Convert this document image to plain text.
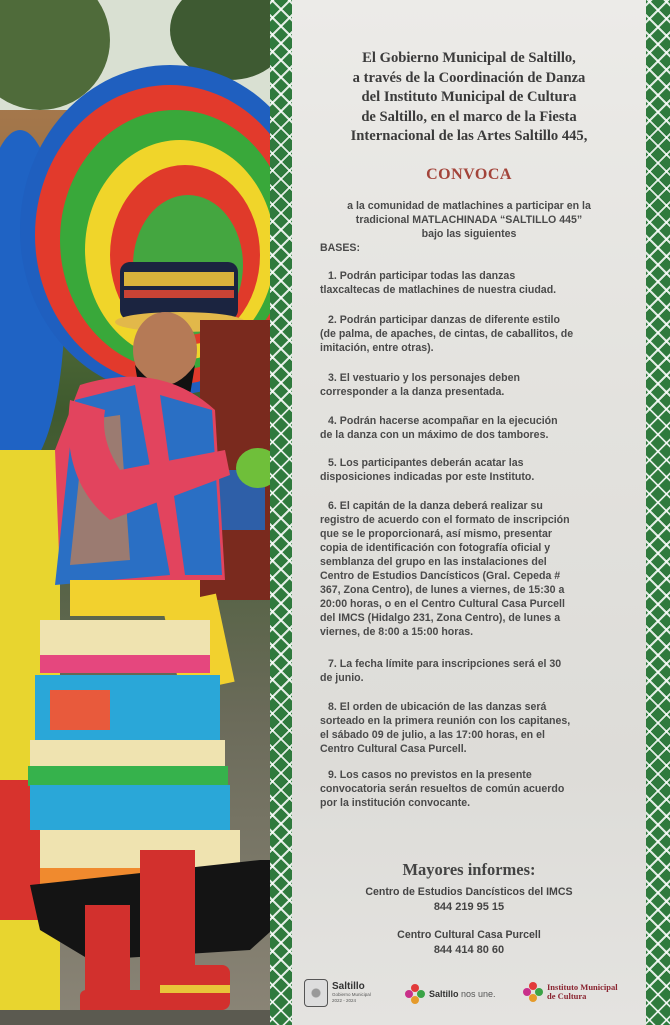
El Gobierno Municipal de Saltillo,
a través de la Coordinación de Danza
del Instituto Municipal de Cultura
de Saltillo, en el marco de la Fiesta
Internacional de las Artes Saltillo 445,
CONVOCA
a la comunidad de matlachines a participar en la
tradicional MATLACHINADA “SALTILLO 445”
bajo las siguientes
BASES:
1. Podrán participar todas las danzas
tlaxcaltecas de matlachines de nuestra ciudad.
2. Podrán participar danzas de diferente estilo
(de palma, de apaches, de cintas, de caballitos, de
imitación, entre otras).
3. El vestuario y los personajes deben
corresponder a la danza presentada.
4. Podrán hacerse acompañar en la ejecución
de la danza con un máximo de dos tambores.
5. Los participantes deberán acatar las
disposiciones indicadas por este Instituto.
6. El capitán de la danza deberá realizar su
registro de acuerdo con el formato de inscripción
que se le proporcionará, así mismo, presentar
copia de identificación con fotografía oficial y
semblanza del grupo en las instalaciones del
Centro de Estudios Dancísticos (Gral. Cepeda #
367, Zona Centro), de lunes a viernes, de 15:30 a
20:00 horas, o en el Centro Cultural Casa Purcell
del IMCS (Hidalgo 231, Zona Centro), de lunes a
viernes, de 8:00 a 15:00 horas.
7. La fecha límite para inscripciones será el 30
de junio.
8. El orden de ubicación de las danzas será
sorteado en la primera reunión con los capitanes,
el sábado 09 de julio, a las 17:00 horas, en el
Centro Cultural Casa Purcell.
9. Los casos no previstos en la presente
convocatoria serán resueltos de común acuerdo
por la institución convocante.
Mayores informes:
Centro de Estudios Dancísticos del IMCS
844 219 95 15
Centro Cultural Casa Purcell
844 414 80 60
Saltillo
Gobierno Municipal
2022 - 2024
Saltillo nos une.
Instituto Municipal
de Cultura
